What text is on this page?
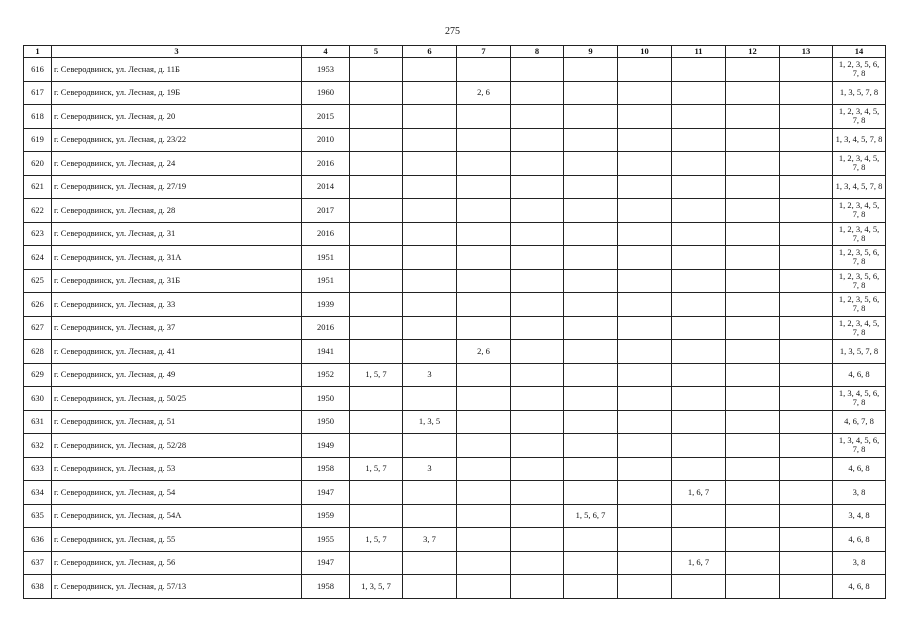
275
1	3	4	5	6	7	8	9	10	11	12	13	14
616	г. Северодвинск, ул. Лесная, д. 11Б	1953										1, 2, 3, 5, 6, 7, 8
617	г. Северодвинск, ул. Лесная, д. 19Б	1960			2, 6							1, 3, 5, 7, 8
618	г. Северодвинск, ул. Лесная, д. 20	2015										1, 2, 3, 4, 5, 7, 8
619	г. Северодвинск, ул. Лесная, д. 23/22	2010										1, 3, 4, 5, 7, 8
620	г. Северодвинск, ул. Лесная, д. 24	2016										1, 2, 3, 4, 5, 7, 8
621	г. Северодвинск, ул. Лесная, д. 27/19	2014										1, 3, 4, 5, 7, 8
622	г. Северодвинск, ул. Лесная, д. 28	2017										1, 2, 3, 4, 5, 7, 8
623	г. Северодвинск, ул. Лесная, д. 31	2016										1, 2, 3, 4, 5, 7, 8
624	г. Северодвинск, ул. Лесная, д. 31А	1951										1, 2, 3, 5, 6, 7, 8
625	г. Северодвинск, ул. Лесная, д. 31Б	1951										1, 2, 3, 5, 6, 7, 8
626	г. Северодвинск, ул. Лесная, д. 33	1939										1, 2, 3, 5, 6, 7, 8
627	г. Северодвинск, ул. Лесная, д. 37	2016										1, 2, 3, 4, 5, 7, 8
628	г. Северодвинск, ул. Лесная, д. 41	1941			2, 6							1, 3, 5, 7, 8
629	г. Северодвинск, ул. Лесная, д. 49	1952	1, 5, 7	3								4, 6, 8
630	г. Северодвинск, ул. Лесная, д. 50/25	1950										1, 3, 4, 5, 6, 7, 8
631	г. Северодвинск, ул. Лесная, д. 51	1950		1, 3, 5								4, 6, 7, 8
632	г. Северодвинск, ул. Лесная, д. 52/28	1949										1, 3, 4, 5, 6, 7, 8
633	г. Северодвинск, ул. Лесная, д. 53	1958	1, 5, 7	3								4, 6, 8
634	г. Северодвинск, ул. Лесная, д. 54	1947							1, 6, 7			3, 8
635	г. Северодвинск, ул. Лесная, д. 54А	1959					1, 5, 6, 7					3, 4, 8
636	г. Северодвинск, ул. Лесная, д. 55	1955	1, 5, 7	3, 7								4, 6, 8
637	г. Северодвинск, ул. Лесная, д. 56	1947							1, 6, 7			3, 8
638	г. Северодвинск, ул. Лесная, д. 57/13	1958	1, 3, 5, 7									4, 6, 8
